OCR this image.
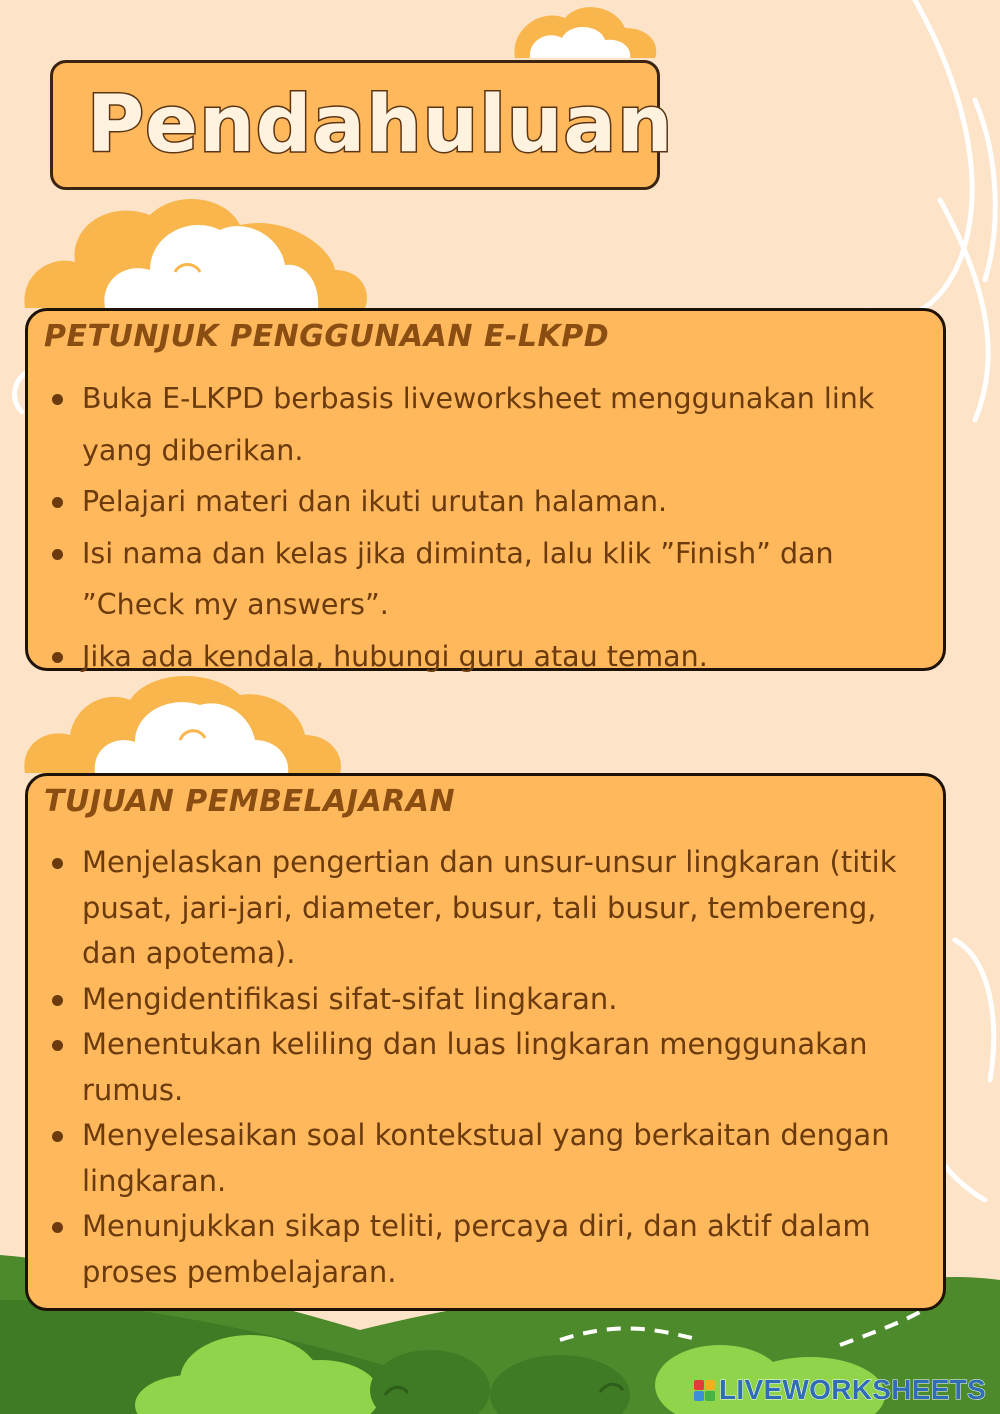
Pendahuluan
PETUNJUK PENGGUNAAN E-LKPD
Buka E-LKPD berbasis liveworksheet menggunakan link yang diberikan.
Pelajari materi dan ikuti urutan halaman.
Isi nama dan kelas jika diminta, lalu klik ”Finish” dan ”Check my answers”.
Jika ada kendala, hubungi guru atau teman.
TUJUAN PEMBELAJARAN
Menjelaskan pengertian dan unsur-unsur lingkaran (titik pusat, jari-jari, diameter, busur, tali busur, tembereng, dan apotema).
Mengidentifikasi sifat-sifat lingkaran.
Menentukan keliling dan luas lingkaran menggunakan rumus.
Menyelesaikan soal kontekstual yang berkaitan dengan lingkaran.
Menunjukkan sikap teliti, percaya diri, dan aktif dalam proses pembelajaran.
LIVEWORKSHEETS
